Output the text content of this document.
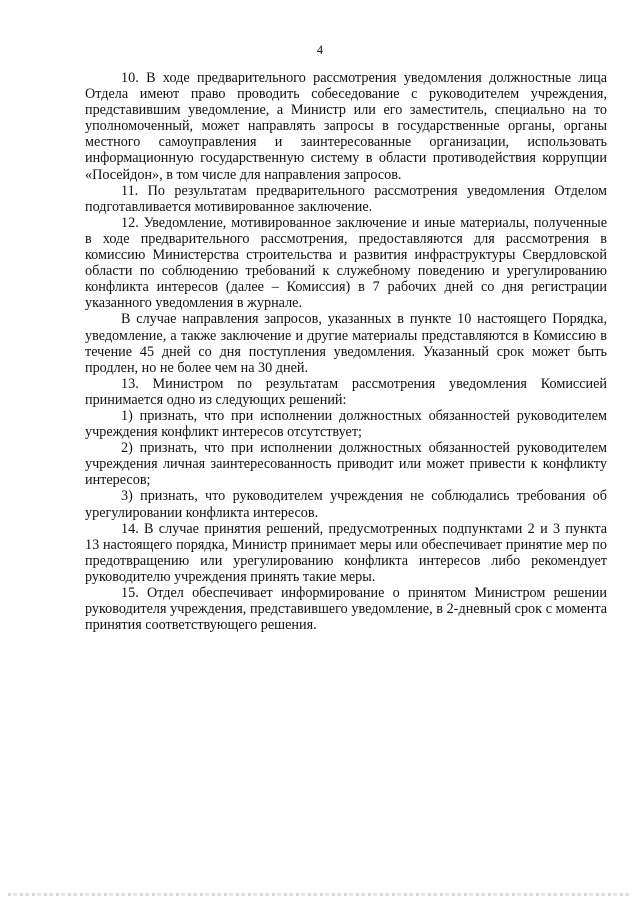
4

10. В ходе предварительного рассмотрения уведомления должностные лица Отдела имеют право проводить собеседование с руководителем учреждения, представившим уведомление, а Министр или его заместитель, специально на то уполномоченный, может направлять запросы в государственные органы, органы местного самоуправления и заинтересованные организации, использовать информационную государственную систему в области противодействия коррупции «Посейдон», в том числе для направления запросов.

11. По результатам предварительного рассмотрения уведомления Отделом подготавливается мотивированное заключение.

12. Уведомление, мотивированное заключение и иные материалы, полученные в ходе предварительного рассмотрения, предоставляются для рассмотрения в комиссию Министерства строительства и развития инфраструктуры Свердловской области по соблюдению требований к служебному поведению и урегулированию конфликта интересов (далее – Комиссия) в 7 рабочих дней со дня регистрации указанного уведомления в журнале.

В случае направления запросов, указанных в пункте 10 настоящего Порядка, уведомление, а также заключение и другие материалы представляются в Комиссию в течение 45 дней со дня поступления уведомления. Указанный срок может быть продлен, но не более чем на 30 дней.

13. Министром по результатам рассмотрения уведомления Комиссией принимается одно из следующих решений:

1) признать, что при исполнении должностных обязанностей руководителем учреждения конфликт интересов отсутствует;

2) признать, что при исполнении должностных обязанностей руководителем учреждения личная заинтересованность приводит или может привести к конфликту интересов;

3) признать, что руководителем учреждения не соблюдались требования об урегулировании конфликта интересов.

14. В случае принятия решений, предусмотренных подпунктами 2 и 3 пункта 13 настоящего порядка, Министр принимает меры или обеспечивает принятие мер по предотвращению или урегулированию конфликта интересов либо рекомендует руководителю учреждения принять такие меры.

15. Отдел обеспечивает информирование о принятом Министром решении руководителя учреждения, представившего уведомление, в 2-дневный срок с момента принятия соответствующего решения.
